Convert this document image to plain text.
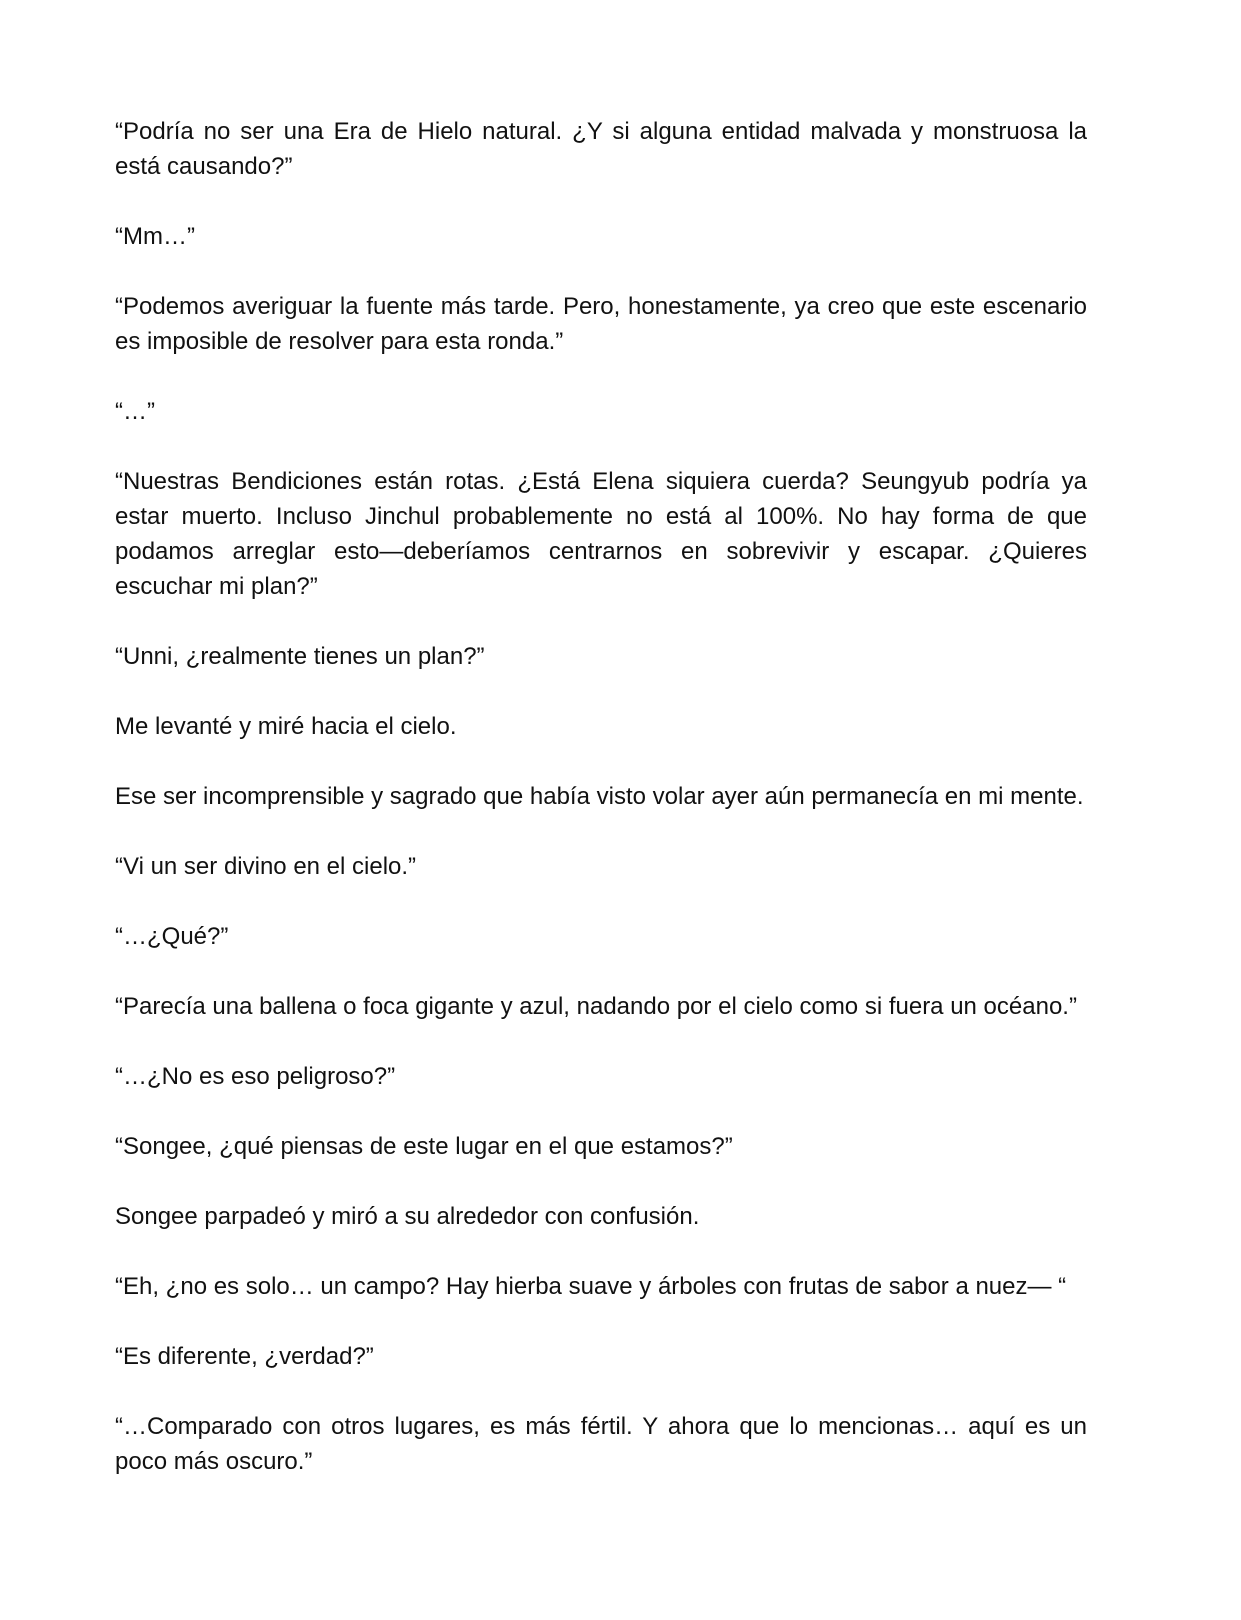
“Podría no ser una Era de Hielo natural. ¿Y si alguna entidad malvada y monstruosa la está causando?”

“Mm…”

“Podemos averiguar la fuente más tarde. Pero, honestamente, ya creo que este escenario es imposible de resolver para esta ronda.”

“…”

“Nuestras Bendiciones están rotas. ¿Está Elena siquiera cuerda? Seungyub podría ya estar muerto. Incluso Jinchul probablemente no está al 100%. No hay forma de que podamos arreglar esto—deberíamos centrarnos en sobrevivir y escapar. ¿Quieres escuchar mi plan?”

“Unni, ¿realmente tienes un plan?”

Me levanté y miré hacia el cielo.

Ese ser incomprensible y sagrado que había visto volar ayer aún permanecía en mi mente.

“Vi un ser divino en el cielo.”

“…¿Qué?”

“Parecía una ballena o foca gigante y azul, nadando por el cielo como si fuera un océano.”

“…¿No es eso peligroso?”

“Songee, ¿qué piensas de este lugar en el que estamos?”

Songee parpadeó y miró a su alrededor con confusión.

“Eh, ¿no es solo… un campo? Hay hierba suave y árboles con frutas de sabor a nuez— “

“Es diferente, ¿verdad?”

“…Comparado con otros lugares, es más fértil. Y ahora que lo mencionas… aquí es un poco más oscuro.”
